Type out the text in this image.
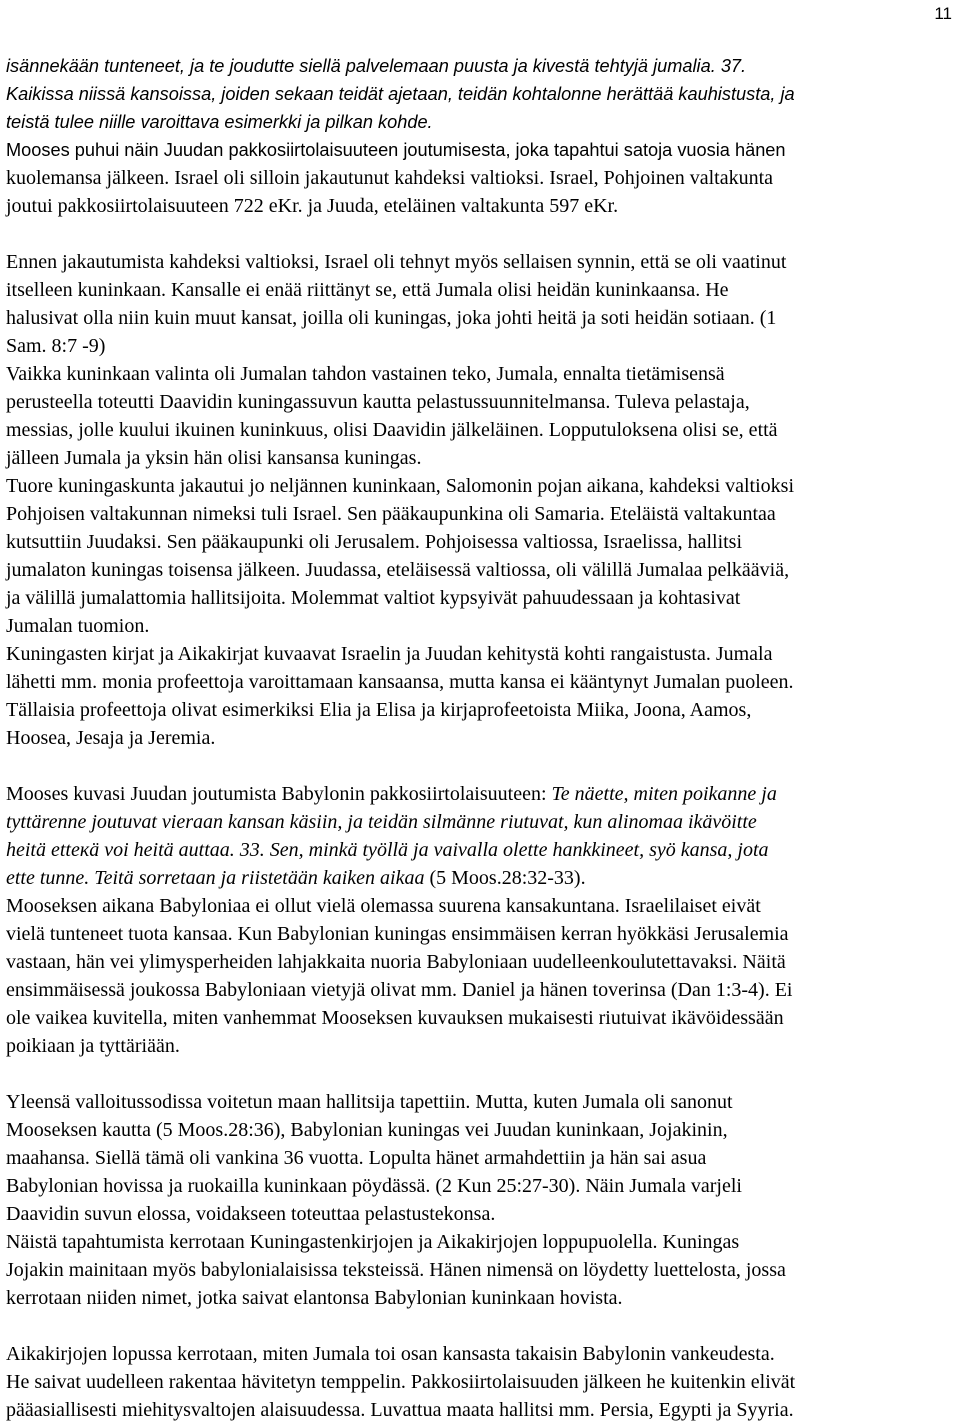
11
isännekään tunteneet, ja te joudutte siellä palvelemaan puusta ja kivestä tehtyjä jumalia. 37.
Kaikissa niissä kansoissa, joiden sekaan teidät ajetaan, teidän kohtalonne herättää kauhistusta, ja
teistä tulee niille varoittava esimerkki ja pilkan kohde.
Mooses puhui näin Juudan pakkosiirtolaisuuteen joutumisesta, joka tapahtui satoja vuosia hänen
kuolemansa jälkeen. Israel oli silloin jakautunut kahdeksi valtioksi. Israel, Pohjoinen valtakunta
joutui pakkosiirtolaisuuteen 722 eKr. ja Juuda, eteläinen valtakunta 597 eKr.
Ennen jakautumista kahdeksi valtioksi, Israel oli tehnyt myös sellaisen synnin, että se oli vaatinut
itselleen kuninkaan. Kansalle ei enää riittänyt se, että Jumala olisi heidän kuninkaansa. He
halusivat olla niin kuin muut kansat, joilla oli kuningas, joka johti heitä ja soti heidän sotiaan. (1
Sam. 8:7 -9)
Vaikka kuninkaan valinta oli Jumalan tahdon vastainen teko, Jumala, ennalta tietämisensä
perusteella toteutti Daavidin kuningassuvun kautta pelastussuunnitelmansa. Tuleva pelastaja,
messias, jolle kuului ikuinen kuninkuus, olisi Daavidin jälkeläinen. Lopputuloksena olisi se, että
jälleen Jumala ja yksin hän olisi kansansa kuningas.
Tuore kuningaskunta jakautui jo neljännen kuninkaan, Salomonin pojan aikana, kahdeksi valtioksi
Pohjoisen valtakunnan nimeksi tuli Israel. Sen pääkaupunkina oli Samaria. Eteläistä valtakuntaa
kutsuttiin Juudaksi. Sen pääkaupunki oli Jerusalem. Pohjoisessa valtiossa, Israelissa, hallitsi
jumalaton kuningas toisensa jälkeen. Juudassa, eteläisessä valtiossa, oli välillä Jumalaa pelkääviä,
ja välillä jumalattomia hallitsijoita. Molemmat valtiot kypsyivät pahuudessaan ja kohtasivat
Jumalan tuomion.
Kuningasten kirjat ja Aikakirjat kuvaavat Israelin ja Juudan kehitystä kohti rangaistusta. Jumala
lähetti mm. monia profeettoja varoittamaan kansaansa, mutta kansa ei kääntynyt Jumalan puoleen.
Tällaisia profeettoja olivat esimerkiksi Elia ja Elisa ja kirjaprofeetoista Miika, Joona, Aamos,
Hoosea, Jesaja ja Jeremia.
Mooses kuvasi Juudan joutumista Babylonin pakkosiirtolaisuuteen: Te näette, miten poikanne ja
tyttärenne joutuvat vieraan kansan käsiin, ja teidän silmänne riutuvat, kun alinomaa ikävöitte
heitä etteкä voi heitä auttaa. 33. Sen, minkä työllä ja vaivalla olette hankkineet, syö kansa, jota
ette tunne. Teitä sorretaan ja riistetään kaiken aikaa (5 Moos.28:32-33).
Mooseksen aikana Babyloniaa ei ollut vielä olemassa suurena kansakuntana. Israelilaiset eivät
vielä tunteneet tuota kansaa. Kun Babylonian kuningas ensimmäisen kerran hyökkäsi Jerusalemia
vastaan, hän vei ylimysperheiden lahjakkaita nuoria Babyloniaan uudelleenkoulutettavaksi. Näitä
ensimmäisessä joukossa Babyloniaan vietyjä olivat mm. Daniel ja hänen toverinsa (Dan 1:3-4). Ei
ole vaikea kuvitella, miten vanhemmat Mooseksen kuvauksen mukaisesti riutuivat ikävöidessään
poikiaan ja tyttäriään.
Yleensä valloitussodissa voitetun maan hallitsija tapettiin. Mutta, kuten Jumala oli sanonut
Mooseksen kautta (5 Moos.28:36), Babylonian kuningas vei Juudan kuninkaan, Jojakinin,
maahansa. Siellä tämä oli vankina 36 vuotta. Lopulta hänet armahdettiin ja hän sai asua
Babylonian hovissa ja ruokailla kuninkaan pöydässä. (2 Kun 25:27-30). Näin Jumala varjeli
Daavidin suvun elossa, voidakseen toteuttaa pelastustekonsa.
Näistä tapahtumista kerrotaan Kuningastenkirjojen ja Aikakirjojen loppupuolella. Kuningas
Jojakin mainitaan myös babylonialaisissa teksteissä. Hänen nimensä on löydetty luettelosta, jossa
kerrotaan niiden nimet, jotka saivat elantonsa Babylonian kuninkaan hovista.
Aikakirjojen lopussa kerrotaan, miten Jumala toi osan kansasta takaisin Babylonin vankeudesta.
He saivat uudelleen rakentaa hävitetyn temppelin. Pakkosiirtolaisuuden jälkeen he kuitenkin elivät
pääasiallisesti miehitysvaltojen alaisuudessa. Luvattua maata hallitsi mm. Persia, Egypti ja Syyria.
